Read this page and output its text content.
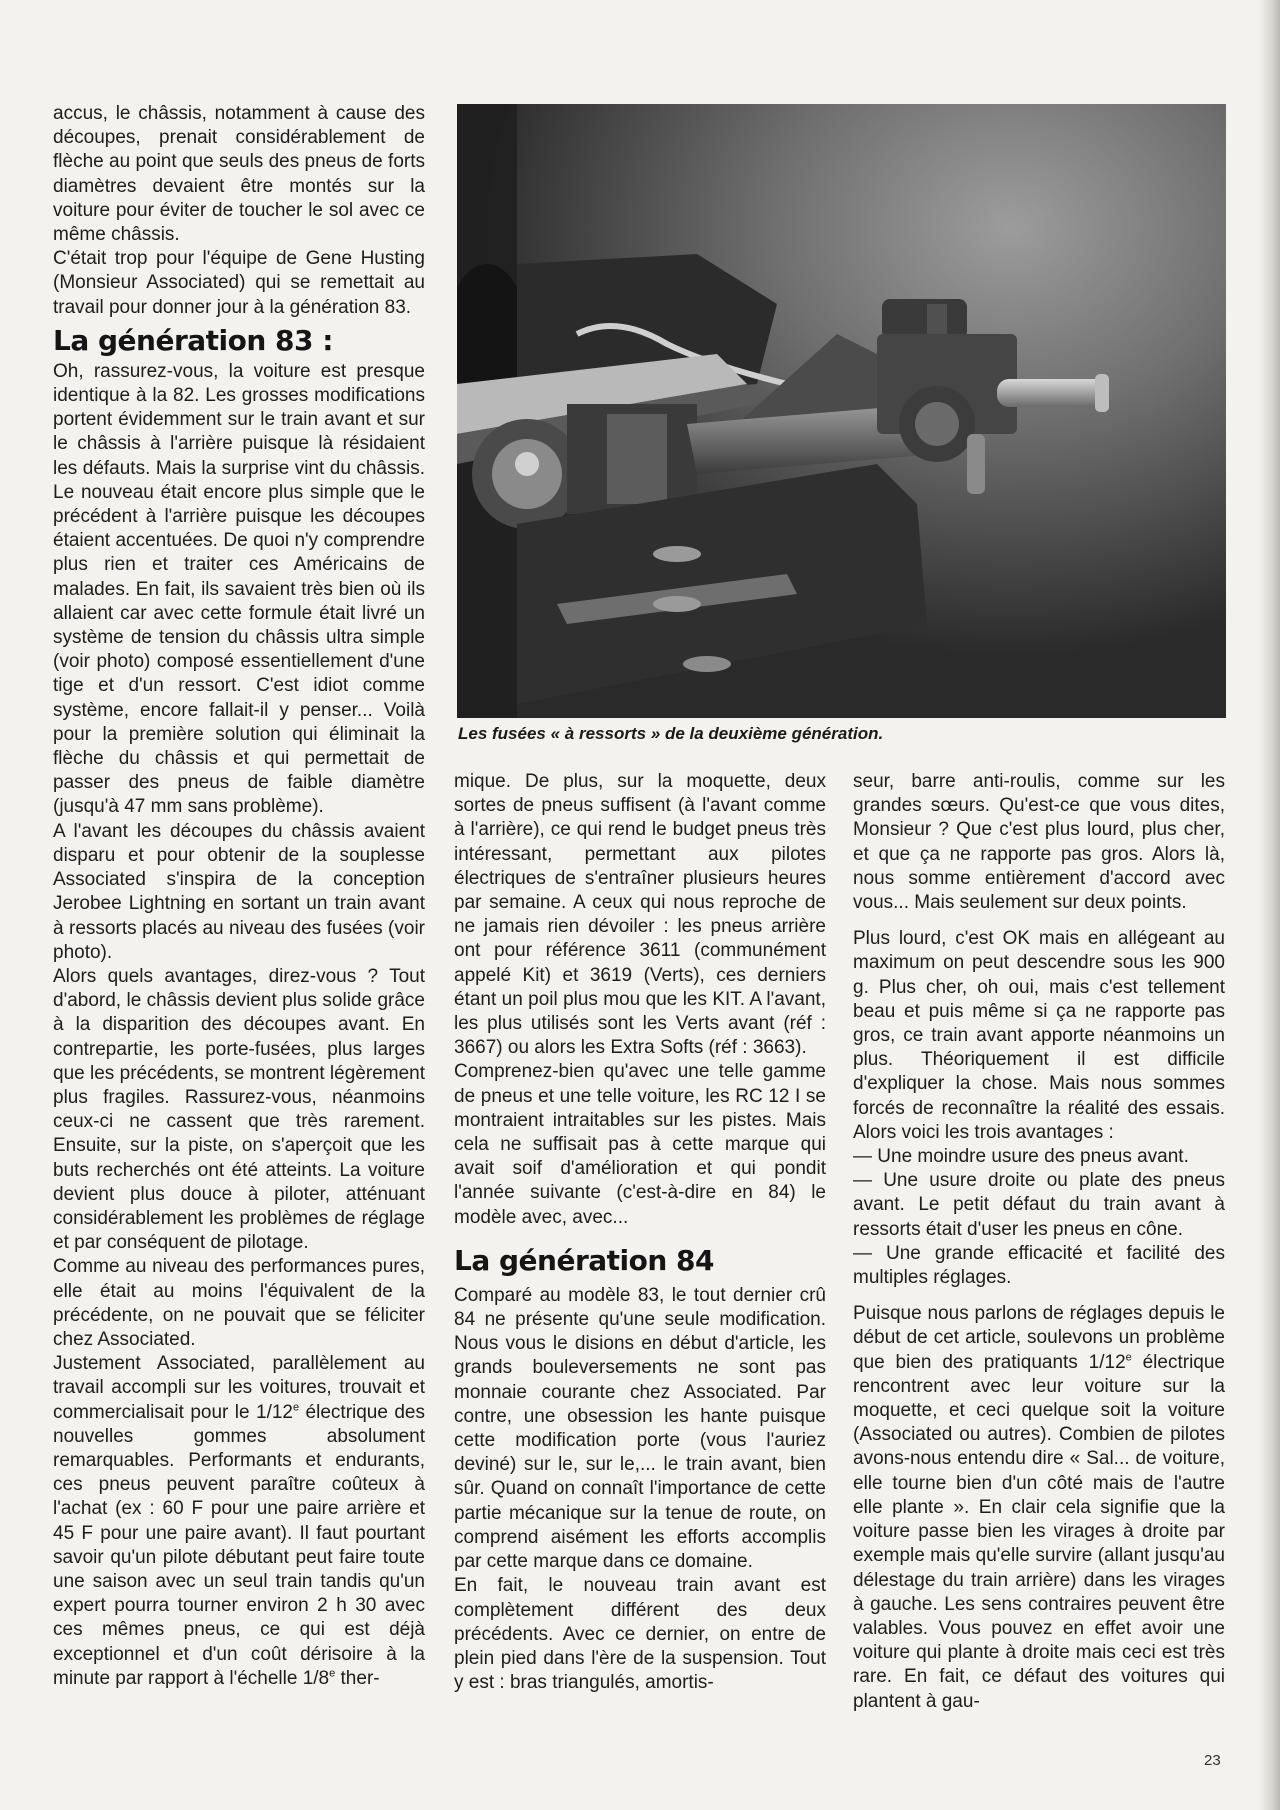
accus, le châssis, notamment à cause des découpes, prenait considérablement de flèche au point que seuls des pneus de forts diamètres devaient être montés sur la voiture pour éviter de toucher le sol avec ce même châssis.

C'était trop pour l'équipe de Gene Husting (Monsieur Associated) qui se remettait au travail pour donner jour à la génération 83.

La génération 83 :

Oh, rassurez-vous, la voiture est presque identique à la 82. Les grosses modifications portent évidemment sur le train avant et sur le châssis à l'arrière puisque là résidaient les défauts. Mais la surprise vint du châssis. Le nouveau était encore plus simple que le précédent à l'arrière puisque les découpes étaient accentuées. De quoi n'y comprendre plus rien et traiter ces Américains de malades. En fait, ils savaient très bien où ils allaient car avec cette formule était livré un système de tension du châssis ultra simple (voir photo) composé essentiellement d'une tige et d'un ressort. C'est idiot comme système, encore fallait-il y penser... Voilà pour la première solution qui éliminait la flèche du châssis et qui permettait de passer des pneus de faible diamètre (jusqu'à 47 mm sans problème).

A l'avant les découpes du châssis avaient disparu et pour obtenir de la souplesse Associated s'inspira de la conception Jerobee Lightning en sortant un train avant à ressorts placés au niveau des fusées (voir photo).

Alors quels avantages, direz-vous ? Tout d'abord, le châssis devient plus solide grâce à la disparition des découpes avant. En contrepartie, les porte-fusées, plus larges que les précédents, se montrent légèrement plus fragiles. Rassurez-vous, néanmoins ceux-ci ne cassent que très rarement. Ensuite, sur la piste, on s'aperçoit que les buts recherchés ont été atteints. La voiture devient plus douce à piloter, atténuant considérablement les problèmes de réglage et par conséquent de pilotage.

Comme au niveau des performances pures, elle était au moins l'équivalent de la précédente, on ne pouvait que se féliciter chez Associated.

Justement Associated, parallèlement au travail accompli sur les voitures, trouvait et commercialisait pour le 1/12e électrique des nouvelles gommes absolument remarquables. Performants et endurants, ces pneus peuvent paraître coûteux à l'achat (ex : 60 F pour une paire arrière et 45 F pour une paire avant). Il faut pourtant savoir qu'un pilote débutant peut faire toute une saison avec un seul train tandis qu'un expert pourra tourner environ 2 h 30 avec ces mêmes pneus, ce qui est déjà exceptionnel et d'un coût dérisoire à la minute par rapport à l'échelle 1/8e ther-

Les fusées « à ressorts » de la deuxième génération.

mique. De plus, sur la moquette, deux sortes de pneus suffisent (à l'avant comme à l'arrière), ce qui rend le budget pneus très intéressant, permettant aux pilotes électriques de s'entraîner plusieurs heures par semaine. A ceux qui nous reproche de ne jamais rien dévoiler : les pneus arrière ont pour référence 3611 (communément appelé Kit) et 3619 (Verts), ces derniers étant un poil plus mou que les KIT. A l'avant, les plus utilisés sont les Verts avant (réf : 3667) ou alors les Extra Softs (réf : 3663).

Comprenez-bien qu'avec une telle gamme de pneus et une telle voiture, les RC 12 I se montraient intraitables sur les pistes. Mais cela ne suffisait pas à cette marque qui avait soif d'amélioration et qui pondit l'année suivante (c'est-à-dire en 84) le modèle avec, avec...

La génération 84

Comparé au modèle 83, le tout dernier crû 84 ne présente qu'une seule modification. Nous vous le disions en début d'article, les grands bouleversements ne sont pas monnaie courante chez Associated. Par contre, une obsession les hante puisque cette modification porte (vous l'auriez deviné) sur le, sur le,... le train avant, bien sûr. Quand on connaît l'importance de cette partie mécanique sur la tenue de route, on comprend aisément les efforts accomplis par cette marque dans ce domaine.

En fait, le nouveau train avant est complètement différent des deux précédents. Avec ce dernier, on entre de plein pied dans l'ère de la suspension. Tout y est : bras triangulés, amortis-

seur, barre anti-roulis, comme sur les grandes sœurs. Qu'est-ce que vous dites, Monsieur ? Que c'est plus lourd, plus cher, et que ça ne rapporte pas gros. Alors là, nous somme entièrement d'accord avec vous... Mais seulement sur deux points.

Plus lourd, c'est OK mais en allégeant au maximum on peut descendre sous les 900 g. Plus cher, oh oui, mais c'est tellement beau et puis même si ça ne rapporte pas gros, ce train avant apporte néanmoins un plus. Théoriquement il est difficile d'expliquer la chose. Mais nous sommes forcés de reconnaître la réalité des essais. Alors voici les trois avantages :

— Une moindre usure des pneus avant.
— Une usure droite ou plate des pneus avant. Le petit défaut du train avant à ressorts était d'user les pneus en cône.
— Une grande efficacité et facilité des multiples réglages.

Puisque nous parlons de réglages depuis le début de cet article, soulevons un problème que bien des pratiquants 1/12e électrique rencontrent avec leur voiture sur la moquette, et ceci quelque soit la voiture (Associated ou autres). Combien de pilotes avons-nous entendu dire « Sal... de voiture, elle tourne bien d'un côté mais de l'autre elle plante ». En clair cela signifie que la voiture passe bien les virages à droite par exemple mais qu'elle survire (allant jusqu'au délestage du train arrière) dans les virages à gauche. Les sens contraires peuvent être valables. Vous pouvez en effet avoir une voiture qui plante à droite mais ceci est très rare. En fait, ce défaut des voitures qui plantent à gau-

23
